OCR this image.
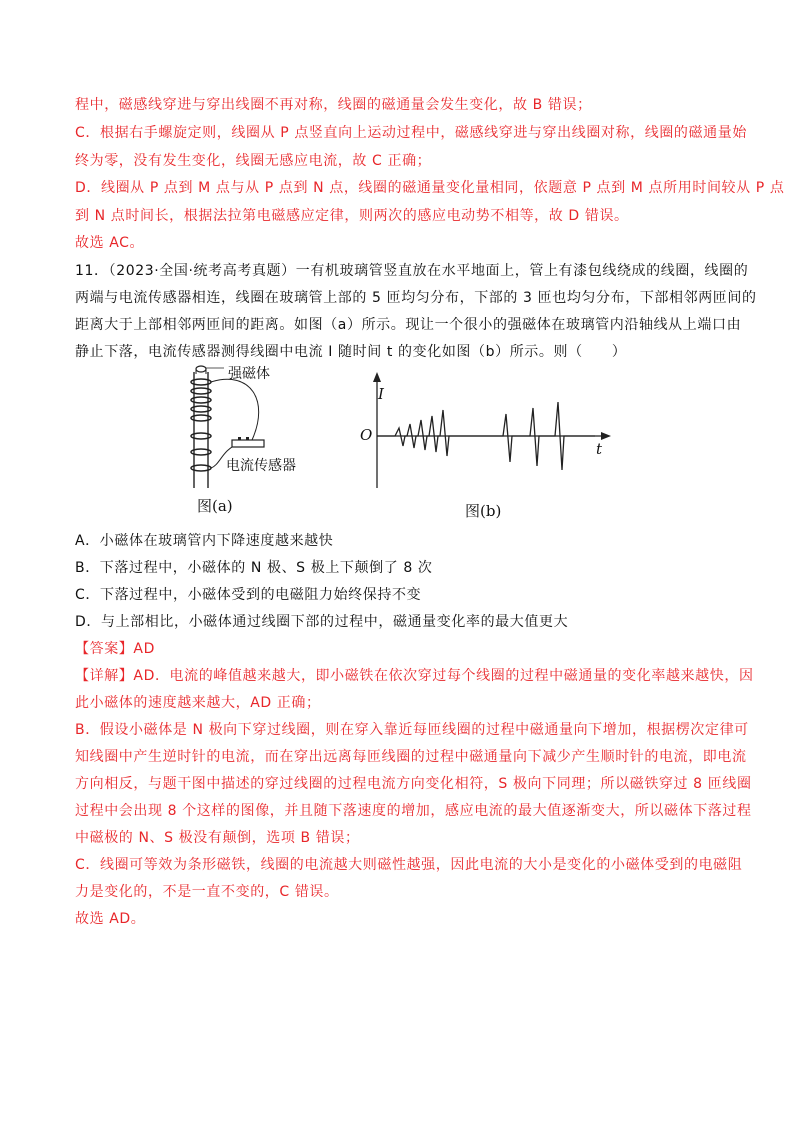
程中，磁感线穿进与穿出线圈不再对称，线圈的磁通量会发生变化，故 B 错误；
C．根据右手螺旋定则，线圈从 P 点竖直向上运动过程中，磁感线穿进与穿出线圈对称，线圈的磁通量始
终为零，没有发生变化，线圈无感应电流，故 C 正确；
D．线圈从 P 点到 M 点与从 P 点到 N 点，线圈的磁通量变化量相同，依题意 P 点到 M 点所用时间较从 P 点
到 N 点时间长，根据法拉第电磁感应定律，则两次的感应电动势不相等，故 D 错误。
故选 AC。
11．（2023·全国·统考高考真题）一有机玻璃管竖直放在水平地面上，管上有漆包线绕成的线圈，线圈的
两端与电流传感器相连，线圈在玻璃管上部的 5 匝均匀分布，下部的 3 匝也均匀分布，下部相邻两匝间的
距离大于上部相邻两匝间的距离。如图（a）所示。现让一个很小的强磁体在玻璃管内沿轴线从上端口由
静止下落，电流传感器测得线圈中电流 I 随时间 t 的变化如图（b）所示。则（　　）
强磁体
电流传感器
图(a)
I
O
t
图(b)
A．小磁体在玻璃管内下降速度越来越快
B．下落过程中，小磁体的 N 极、S 极上下颠倒了 8 次
C．下落过程中，小磁体受到的电磁阻力始终保持不变
D．与上部相比，小磁体通过线圈下部的过程中，磁通量变化率的最大值更大
【答案】AD
【详解】AD．电流的峰值越来越大，即小磁铁在依次穿过每个线圈的过程中磁通量的变化率越来越快，因
此小磁体的速度越来越大，AD 正确；
B．假设小磁体是 N 极向下穿过线圈，则在穿入靠近每匝线圈的过程中磁通量向下增加，根据楞次定律可
知线圈中产生逆时针的电流，而在穿出远离每匝线圈的过程中磁通量向下减少产生顺时针的电流，即电流
方向相反，与题干图中描述的穿过线圈的过程电流方向变化相符，S 极向下同理；所以磁铁穿过 8 匝线圈
过程中会出现 8 个这样的图像，并且随下落速度的增加，感应电流的最大值逐渐变大，所以磁体下落过程
中磁极的 N、S 极没有颠倒，选项 B 错误；
C．线圈可等效为条形磁铁，线圈的电流越大则磁性越强，因此电流的大小是变化的小磁体受到的电磁阻
力是变化的，不是一直不变的，C 错误。
故选 AD。
